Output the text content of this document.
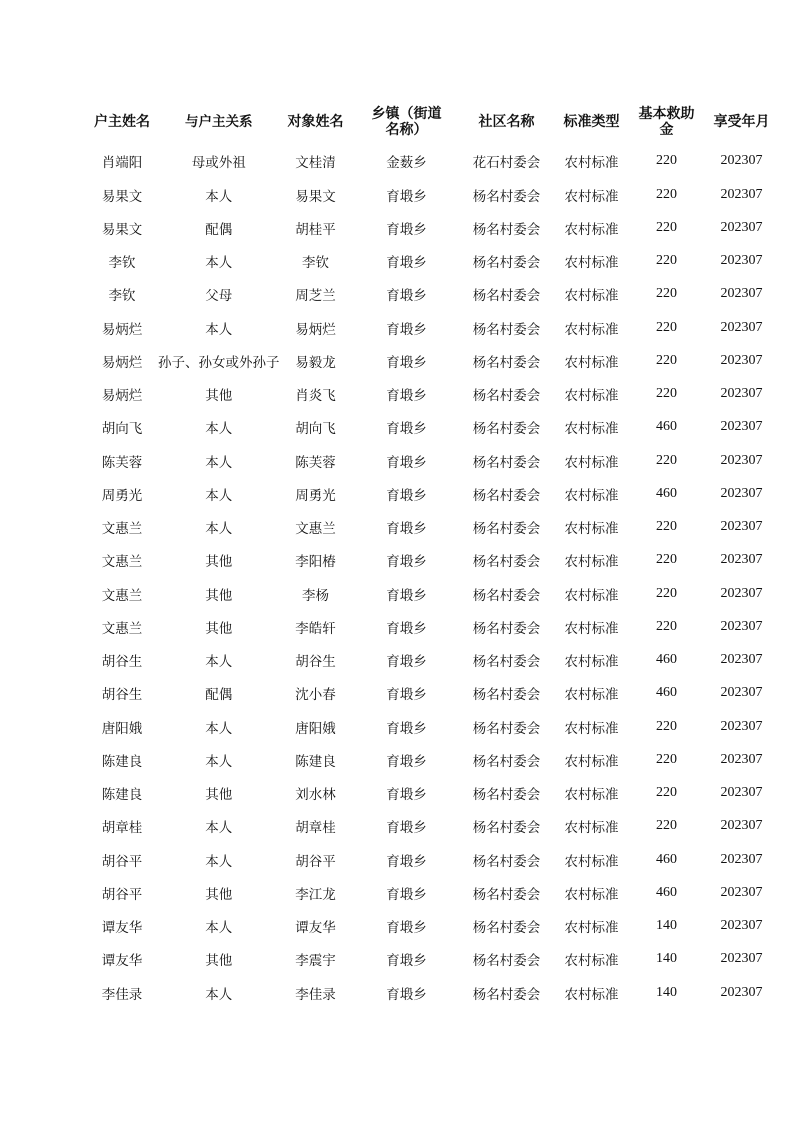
户主姓名	与户主关系	对象姓名	乡镇（街道名称）	社区名称	标准类型	基本救助金	享受年月
肖端阳	母或外祖	文桂清	金薮乡	花石村委会	农村标准	220	202307
易果文	本人	易果文	育塅乡	杨名村委会	农村标准	220	202307
易果文	配偶	胡桂平	育塅乡	杨名村委会	农村标准	220	202307
李钦	本人	李钦	育塅乡	杨名村委会	农村标准	220	202307
李钦	父母	周芝兰	育塅乡	杨名村委会	农村标准	220	202307
易炳烂	本人	易炳烂	育塅乡	杨名村委会	农村标准	220	202307
易炳烂	孙子、孙女或外孙子	易毅龙	育塅乡	杨名村委会	农村标准	220	202307
易炳烂	其他	肖炎飞	育塅乡	杨名村委会	农村标准	220	202307
胡向飞	本人	胡向飞	育塅乡	杨名村委会	农村标准	460	202307
陈芙蓉	本人	陈芙蓉	育塅乡	杨名村委会	农村标准	220	202307
周勇光	本人	周勇光	育塅乡	杨名村委会	农村标准	460	202307
文惠兰	本人	文惠兰	育塅乡	杨名村委会	农村标准	220	202307
文惠兰	其他	李阳椿	育塅乡	杨名村委会	农村标准	220	202307
文惠兰	其他	李杨	育塅乡	杨名村委会	农村标准	220	202307
文惠兰	其他	李皓轩	育塅乡	杨名村委会	农村标准	220	202307
胡谷生	本人	胡谷生	育塅乡	杨名村委会	农村标准	460	202307
胡谷生	配偶	沈小春	育塅乡	杨名村委会	农村标准	460	202307
唐阳娥	本人	唐阳娥	育塅乡	杨名村委会	农村标准	220	202307
陈建良	本人	陈建良	育塅乡	杨名村委会	农村标准	220	202307
陈建良	其他	刘水林	育塅乡	杨名村委会	农村标准	220	202307
胡章桂	本人	胡章桂	育塅乡	杨名村委会	农村标准	220	202307
胡谷平	本人	胡谷平	育塅乡	杨名村委会	农村标准	460	202307
胡谷平	其他	李江龙	育塅乡	杨名村委会	农村标准	460	202307
谭友华	本人	谭友华	育塅乡	杨名村委会	农村标准	140	202307
谭友华	其他	李震宇	育塅乡	杨名村委会	农村标准	140	202307
李佳录	本人	李佳录	育塅乡	杨名村委会	农村标准	140	202307
